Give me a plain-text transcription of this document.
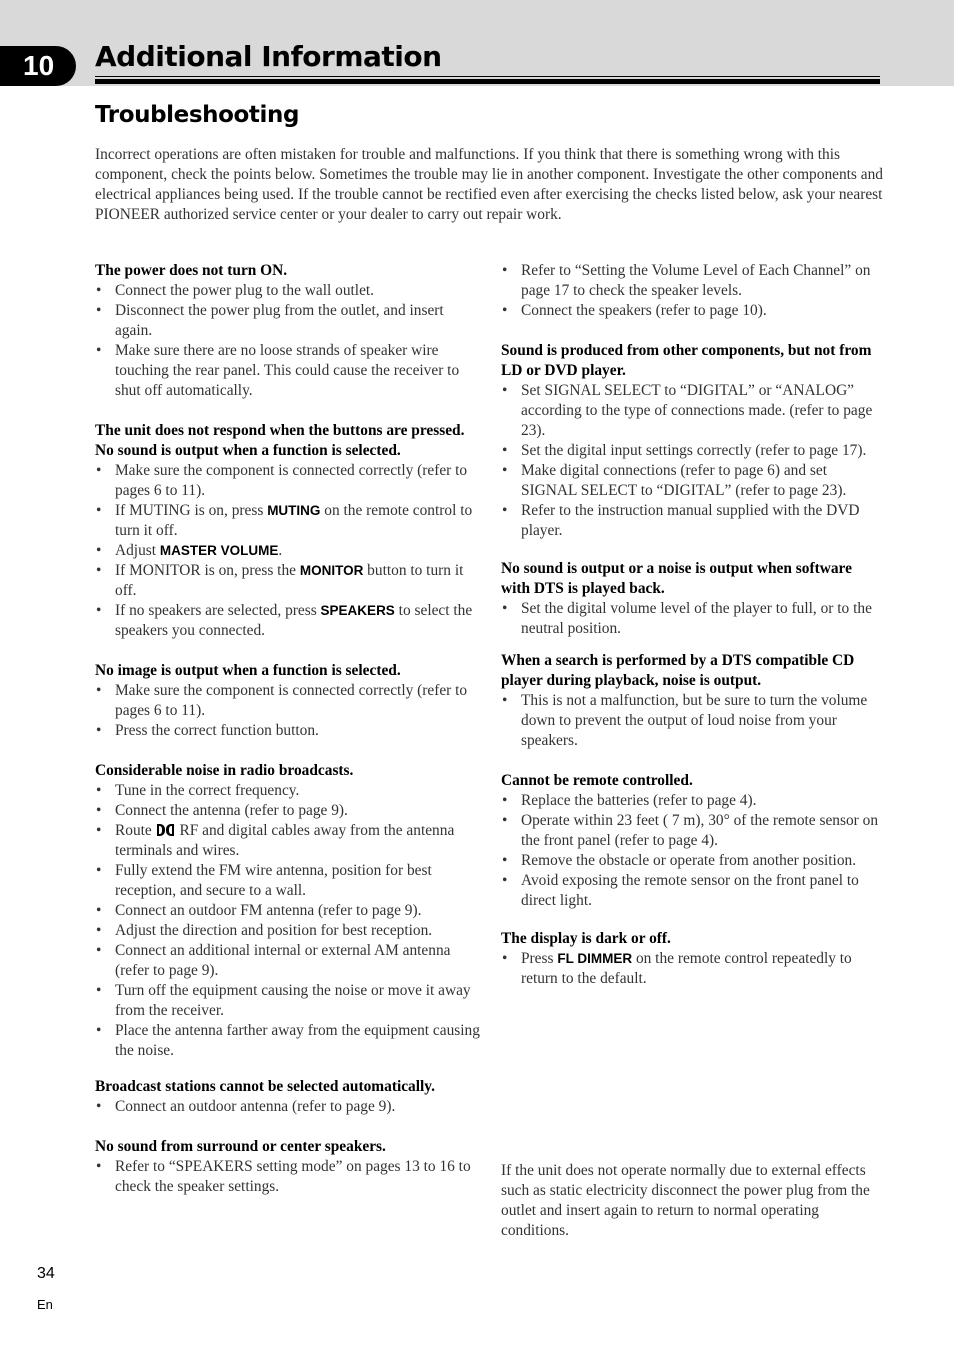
10	Additional Information
Troubleshooting

Incorrect operations are often mistaken for trouble and malfunctions. If you think that there is something wrong with this component, check the points below. Sometimes the trouble may lie in another component. Investigate the other components and electrical appliances being used. If the trouble cannot be rectified even after exercising the checks listed below, ask your nearest PIONEER authorized service center or your dealer to carry out repair work.

The power does not turn ON.
• Connect the power plug to the wall outlet.
• Disconnect the power plug from the outlet, and insert again.
• Make sure there are no loose strands of speaker wire touching the rear panel. This could cause the receiver to shut off automatically.
The unit does not respond when the buttons are pressed.
No sound is output when a function is selected.
• Make sure the component is connected correctly (refer to pages 6 to 11).
• If MUTING is on, press MUTING on the remote control to turn it off.
• Adjust MASTER VOLUME.
• If MONITOR is on, press the MONITOR button to turn it off.
• If no speakers are selected, press SPEAKERS to select the speakers you connected.
No image is output when a function is selected.
• Make sure the component is connected correctly (refer to pages 6 to 11).
• Press the correct function button.
Considerable noise in radio broadcasts.
• Tune in the correct frequency.
• Connect the antenna (refer to page 9).
• Route
RF and digital cables away from the antenna terminals and wires.
• Fully extend the FM wire antenna, position for best reception, and secure to a wall.
• Connect an outdoor FM antenna (refer to page 9).
• Adjust the direction and position for best reception.
• Connect an additional internal or external AM antenna (refer to page 9).
• Turn off the equipment causing the noise or move it away from the receiver.
• Place the antenna farther away from the equipment causing the noise.
Broadcast stations cannot be selected automatically.
• Connect an outdoor antenna (refer to page 9).
No sound from surround or center speakers.
• Refer to “SPEAKERS setting mode” on pages 13 to 16 to check the speaker settings.
• Refer to “Setting the Volume Level of Each Channel” on page 17 to check the speaker levels.
• Connect the speakers (refer to page 10).
Sound is produced from other components, but not from LD or DVD player.
• Set SIGNAL SELECT to “DIGITAL” or “ANALOG” according to the type of connections made. (refer to page 23).
• Set the digital input settings correctly (refer to page 17).
• Make digital connections (refer to page 6) and set SIGNAL SELECT to “DIGITAL” (refer to page 23).
• Refer to the instruction manual supplied with the DVD player.
No sound is output or a noise is output when software with DTS is played back.
• Set the digital volume level of the player to full, or to the neutral position.
When a search is performed by a DTS compatible CD player during playback, noise is output.
• This is not a malfunction, but be sure to turn the volume down to prevent the output of loud noise from your speakers.
Cannot be remote controlled.
• Replace the batteries (refer to page 4).
• Operate within 23 feet ( 7 m), 30° of the remote sensor on the front panel (refer to page 4).
• Remove the obstacle or operate from another position.
• Avoid exposing the remote sensor on the front panel to direct light.
The display is dark or off.
• Press FL DIMMER on the remote control repeatedly to return to the default.

If the unit does not operate normally due to external effects such as static electricity disconnect the power plug from the outlet and insert again to return to normal operating conditions.

34
En
